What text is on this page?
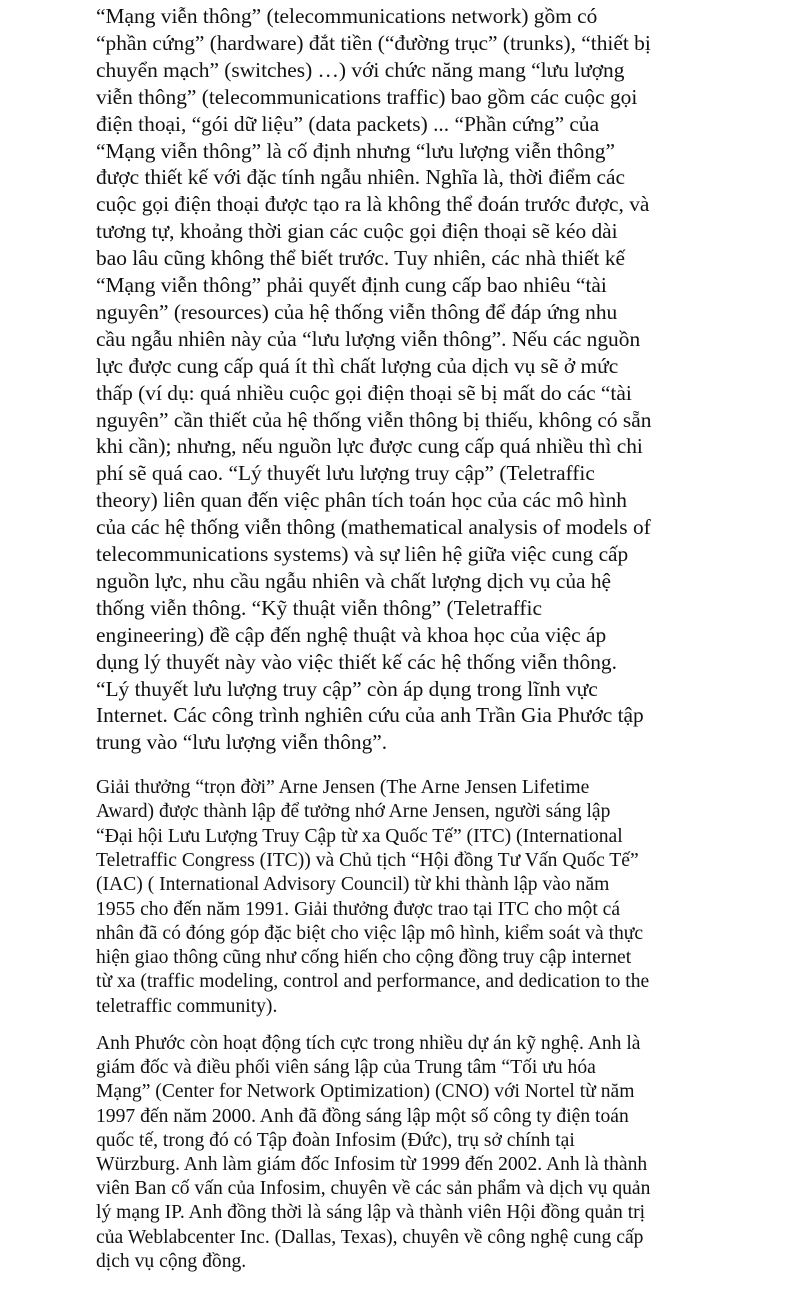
“Mạng viễn thông” (telecommunications network) gồm có
“phần cứng” (hardware) đắt tiền (“đường trục” (trunks), “thiết bị
chuyển mạch” (switches) …) với chức năng mang “lưu lượng
viễn thông” (telecommunications traffic) bao gồm các cuộc gọi
điện thoại, “gói dữ liệu” (data packets) ... “Phần cứng” của
“Mạng viễn thông” là cố định nhưng “lưu lượng viễn thông”
được thiết kế với đặc tính ngẫu nhiên. Nghĩa là, thời điểm các
cuộc gọi điện thoại được tạo ra là không thể đoán trước được, và
tương tự, khoảng thời gian các cuộc gọi điện thoại sẽ kéo dài
bao lâu cũng không thể biết trước. Tuy nhiên, các nhà thiết kế
“Mạng viễn thông” phải quyết định cung cấp bao nhiêu “tài
nguyên” (resources) của hệ thống viễn thông để đáp ứng nhu
cầu ngẫu nhiên này của “lưu lượng viễn thông”. Nếu các nguồn
lực được cung cấp quá ít thì chất lượng của dịch vụ sẽ ở mức
thấp (ví dụ: quá nhiều cuộc gọi điện thoại sẽ bị mất do các “tài
nguyên” cần thiết của hệ thống viễn thông bị thiếu, không có sẵn
khi cần); nhưng, nếu nguồn lực được cung cấp quá nhiều thì chi
phí sẽ quá cao. “Lý thuyết lưu lượng truy cập” (Teletraffic
theory) liên quan đến việc phân tích toán học của các mô hình
của các hệ thống viễn thông (mathematical analysis of models of
telecommunications systems) và sự liên hệ giữa việc cung cấp
nguồn lực, nhu cầu ngẫu nhiên và chất lượng dịch vụ của hệ
thống viễn thông. “Kỹ thuật viễn thông” (Teletraffic
engineering) đề cập đến nghệ thuật và khoa học của việc áp
dụng lý thuyết này vào việc thiết kế các hệ thống viễn thông.
“Lý thuyết lưu lượng truy cập” còn áp dụng trong lĩnh vực
Internet. Các công trình nghiên cứu của anh Trần Gia Phước tập
trung vào “lưu lượng viễn thông”.
Giải thưởng “trọn đời” Arne Jensen (The Arne Jensen Lifetime
Award) được thành lập để tưởng nhớ Arne Jensen, người sáng lập
“Đại hội Lưu Lượng Truy Cập từ xa Quốc Tế” (ITC) (International
Teletraffic Congress (ITC)) và Chủ tịch “Hội đồng Tư Vấn Quốc Tế”
(IAC) ( International Advisory Council) từ khi thành lập vào năm
1955 cho đến năm 1991. Giải thưởng được trao tại ITC cho một cá
nhân đã có đóng góp đặc biệt cho việc lập mô hình, kiểm soát và thực
hiện giao thông cũng như cống hiến cho cộng đồng truy cập internet
từ xa (traffic modeling, control and performance, and dedication to the
teletraffic community).
Anh Phước còn hoạt động tích cực trong nhiều dự án kỹ nghệ. Anh là
giám đốc và điều phối viên sáng lập của Trung tâm “Tối ưu hóa
Mạng” (Center for Network Optimization) (CNO) với Nortel từ năm
1997 đến năm 2000. Anh đã đồng sáng lập một số công ty điện toán
quốc tế, trong đó có Tập đoàn Infosim (Đức), trụ sở chính tại
Würzburg. Anh làm giám đốc Infosim từ 1999 đến 2002. Anh là thành
viên Ban cố vấn của Infosim, chuyên về các sản phẩm và dịch vụ quản
lý mạng IP. Anh đồng thời là sáng lập và thành viên Hội đồng quản trị
của Weblabcenter Inc. (Dallas, Texas), chuyên về công nghệ cung cấp
dịch vụ cộng đồng.
